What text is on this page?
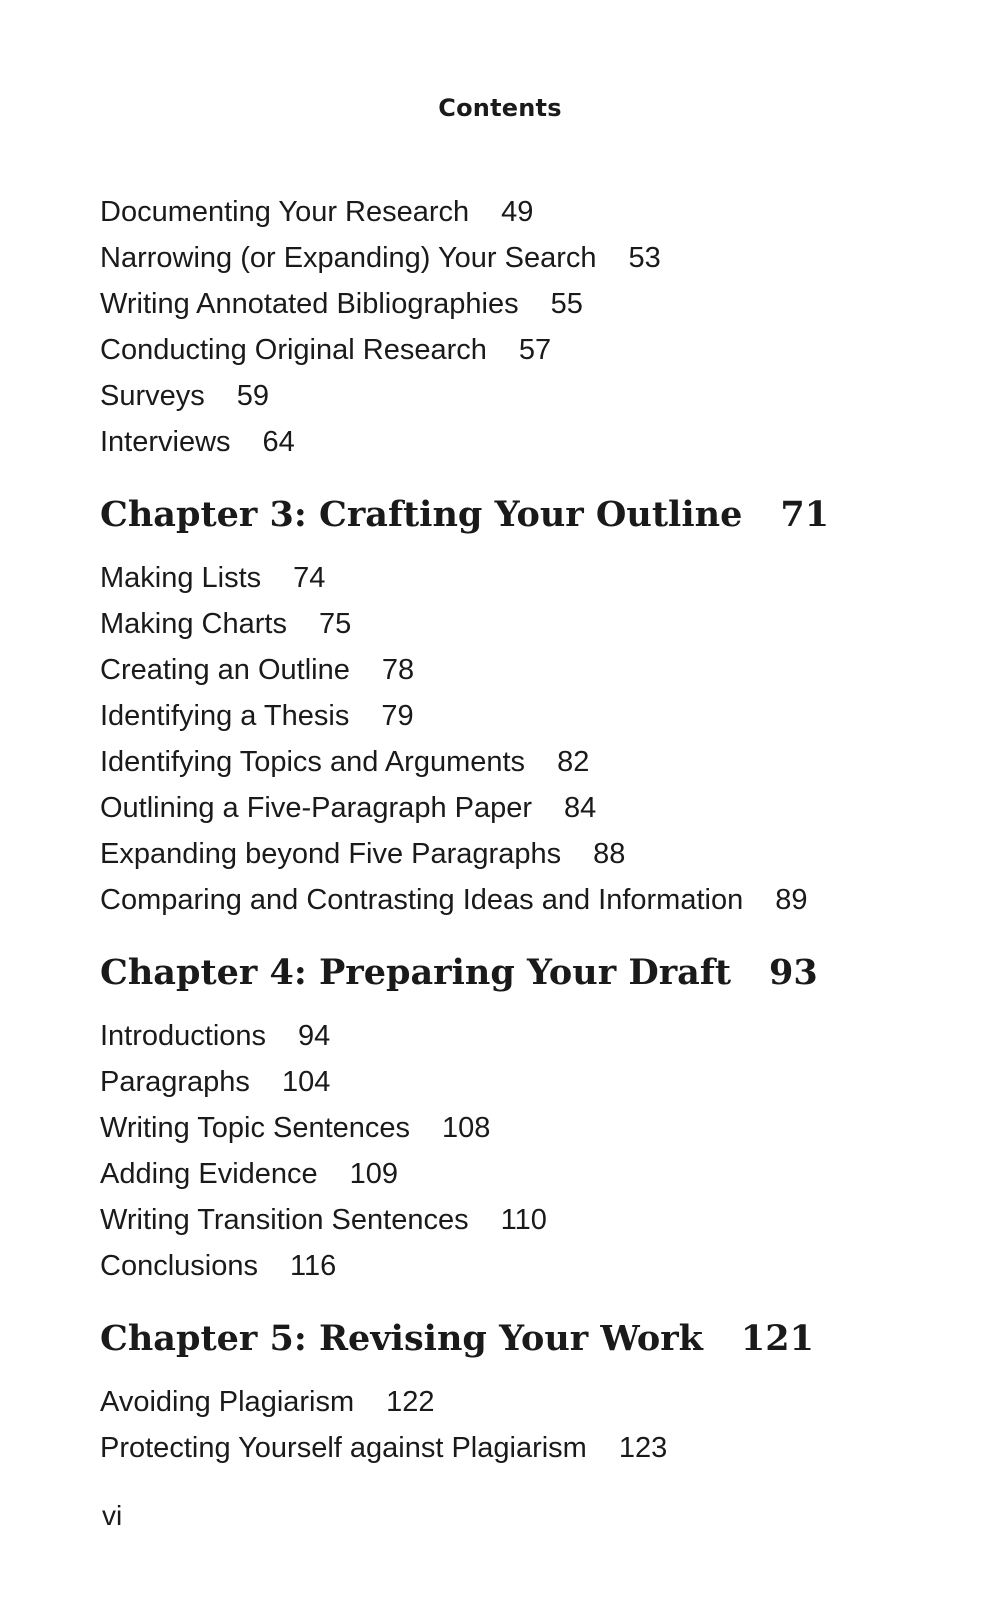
Contents
Documenting Your Research 49
Narrowing (or Expanding) Your Search 53
Writing Annotated Bibliographies 55
Conducting Original Research 57
Surveys 59
Interviews 64
Chapter 3: Crafting Your Outline 71
Making Lists 74
Making Charts 75
Creating an Outline 78
Identifying a Thesis 79
Identifying Topics and Arguments 82
Outlining a Five-Paragraph Paper 84
Expanding beyond Five Paragraphs 88
Comparing and Contrasting Ideas and Information 89
Chapter 4: Preparing Your Draft 93
Introductions 94
Paragraphs 104
Writing Topic Sentences 108
Adding Evidence 109
Writing Transition Sentences 110
Conclusions 116
Chapter 5: Revising Your Work 121
Avoiding Plagiarism 122
Protecting Yourself against Plagiarism 123
vi
